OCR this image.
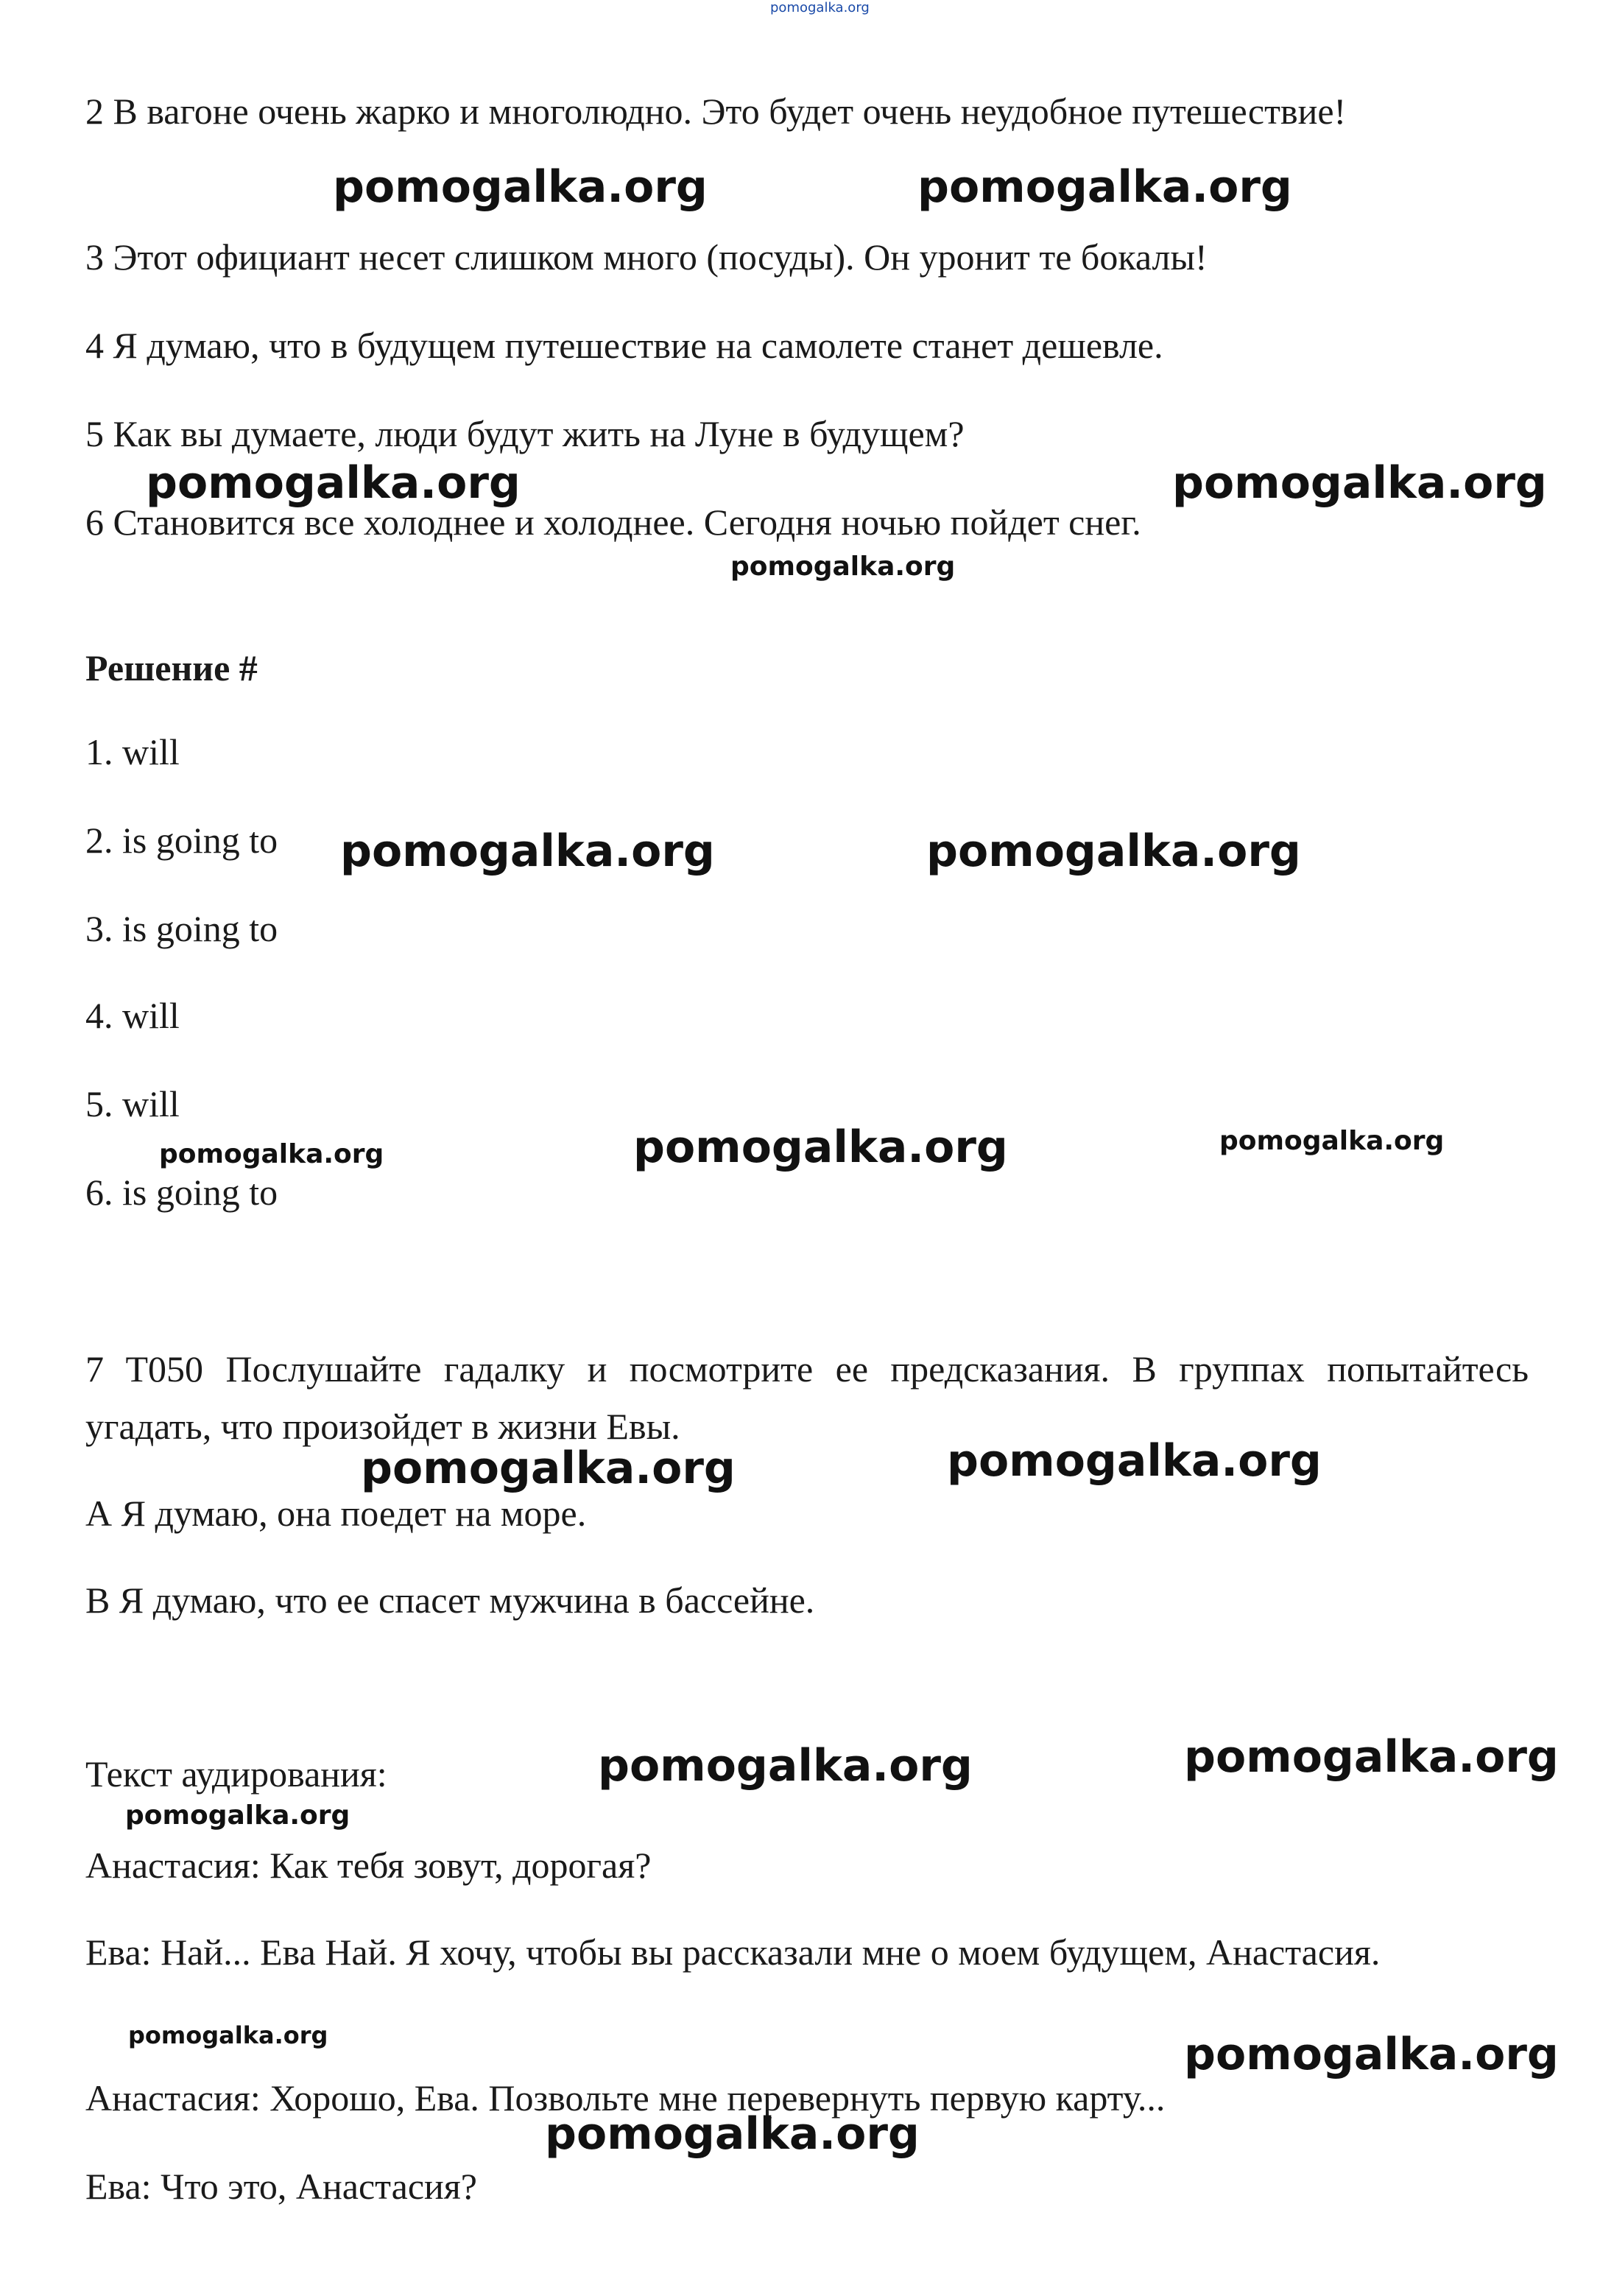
pomogalka.org
2 В вагоне очень жарко и многолюдно. Это будет очень неудобное путешествие!
3 Этот официант несет слишком много (посуды). Он уронит те бокалы!
4 Я думаю, что в будущем путешествие на самолете станет дешевле.
5 Как вы думаете, люди будут жить на Луне в будущем?
6 Становится все холоднее и холоднее. Сегодня ночью пойдет снег.
Решение #
1. will
2. is going to
3. is going to
4. will
5. will
6. is going to
7 T050 Послушайте гадалку и посмотрите ее предсказания. В группах попытайтесь угадать, что произойдет в жизни Евы.
А Я думаю, она поедет на море.
В Я думаю, что ее спасет мужчина в бассейне.
Текст аудирования:
Анастасия: Как тебя зовут, дорогая?
Ева: Най... Ева Най. Я хочу, чтобы вы рассказали мне о моем будущем, Анастасия.
Анастасия: Хорошо, Ева. Позвольте мне перевернуть первую карту...
Ева: Что это, Анастасия?
pomogalka.org	pomogalka.org
pomogalka.org	pomogalka.org
pomogalka.org
pomogalka.org	pomogalka.org
pomogalka.org	pomogalka.org	pomogalka.org
pomogalka.org	pomogalka.org
pomogalka.org	pomogalka.org
pomogalka.org
pomogalka.org	pomogalka.org
pomogalka.org
